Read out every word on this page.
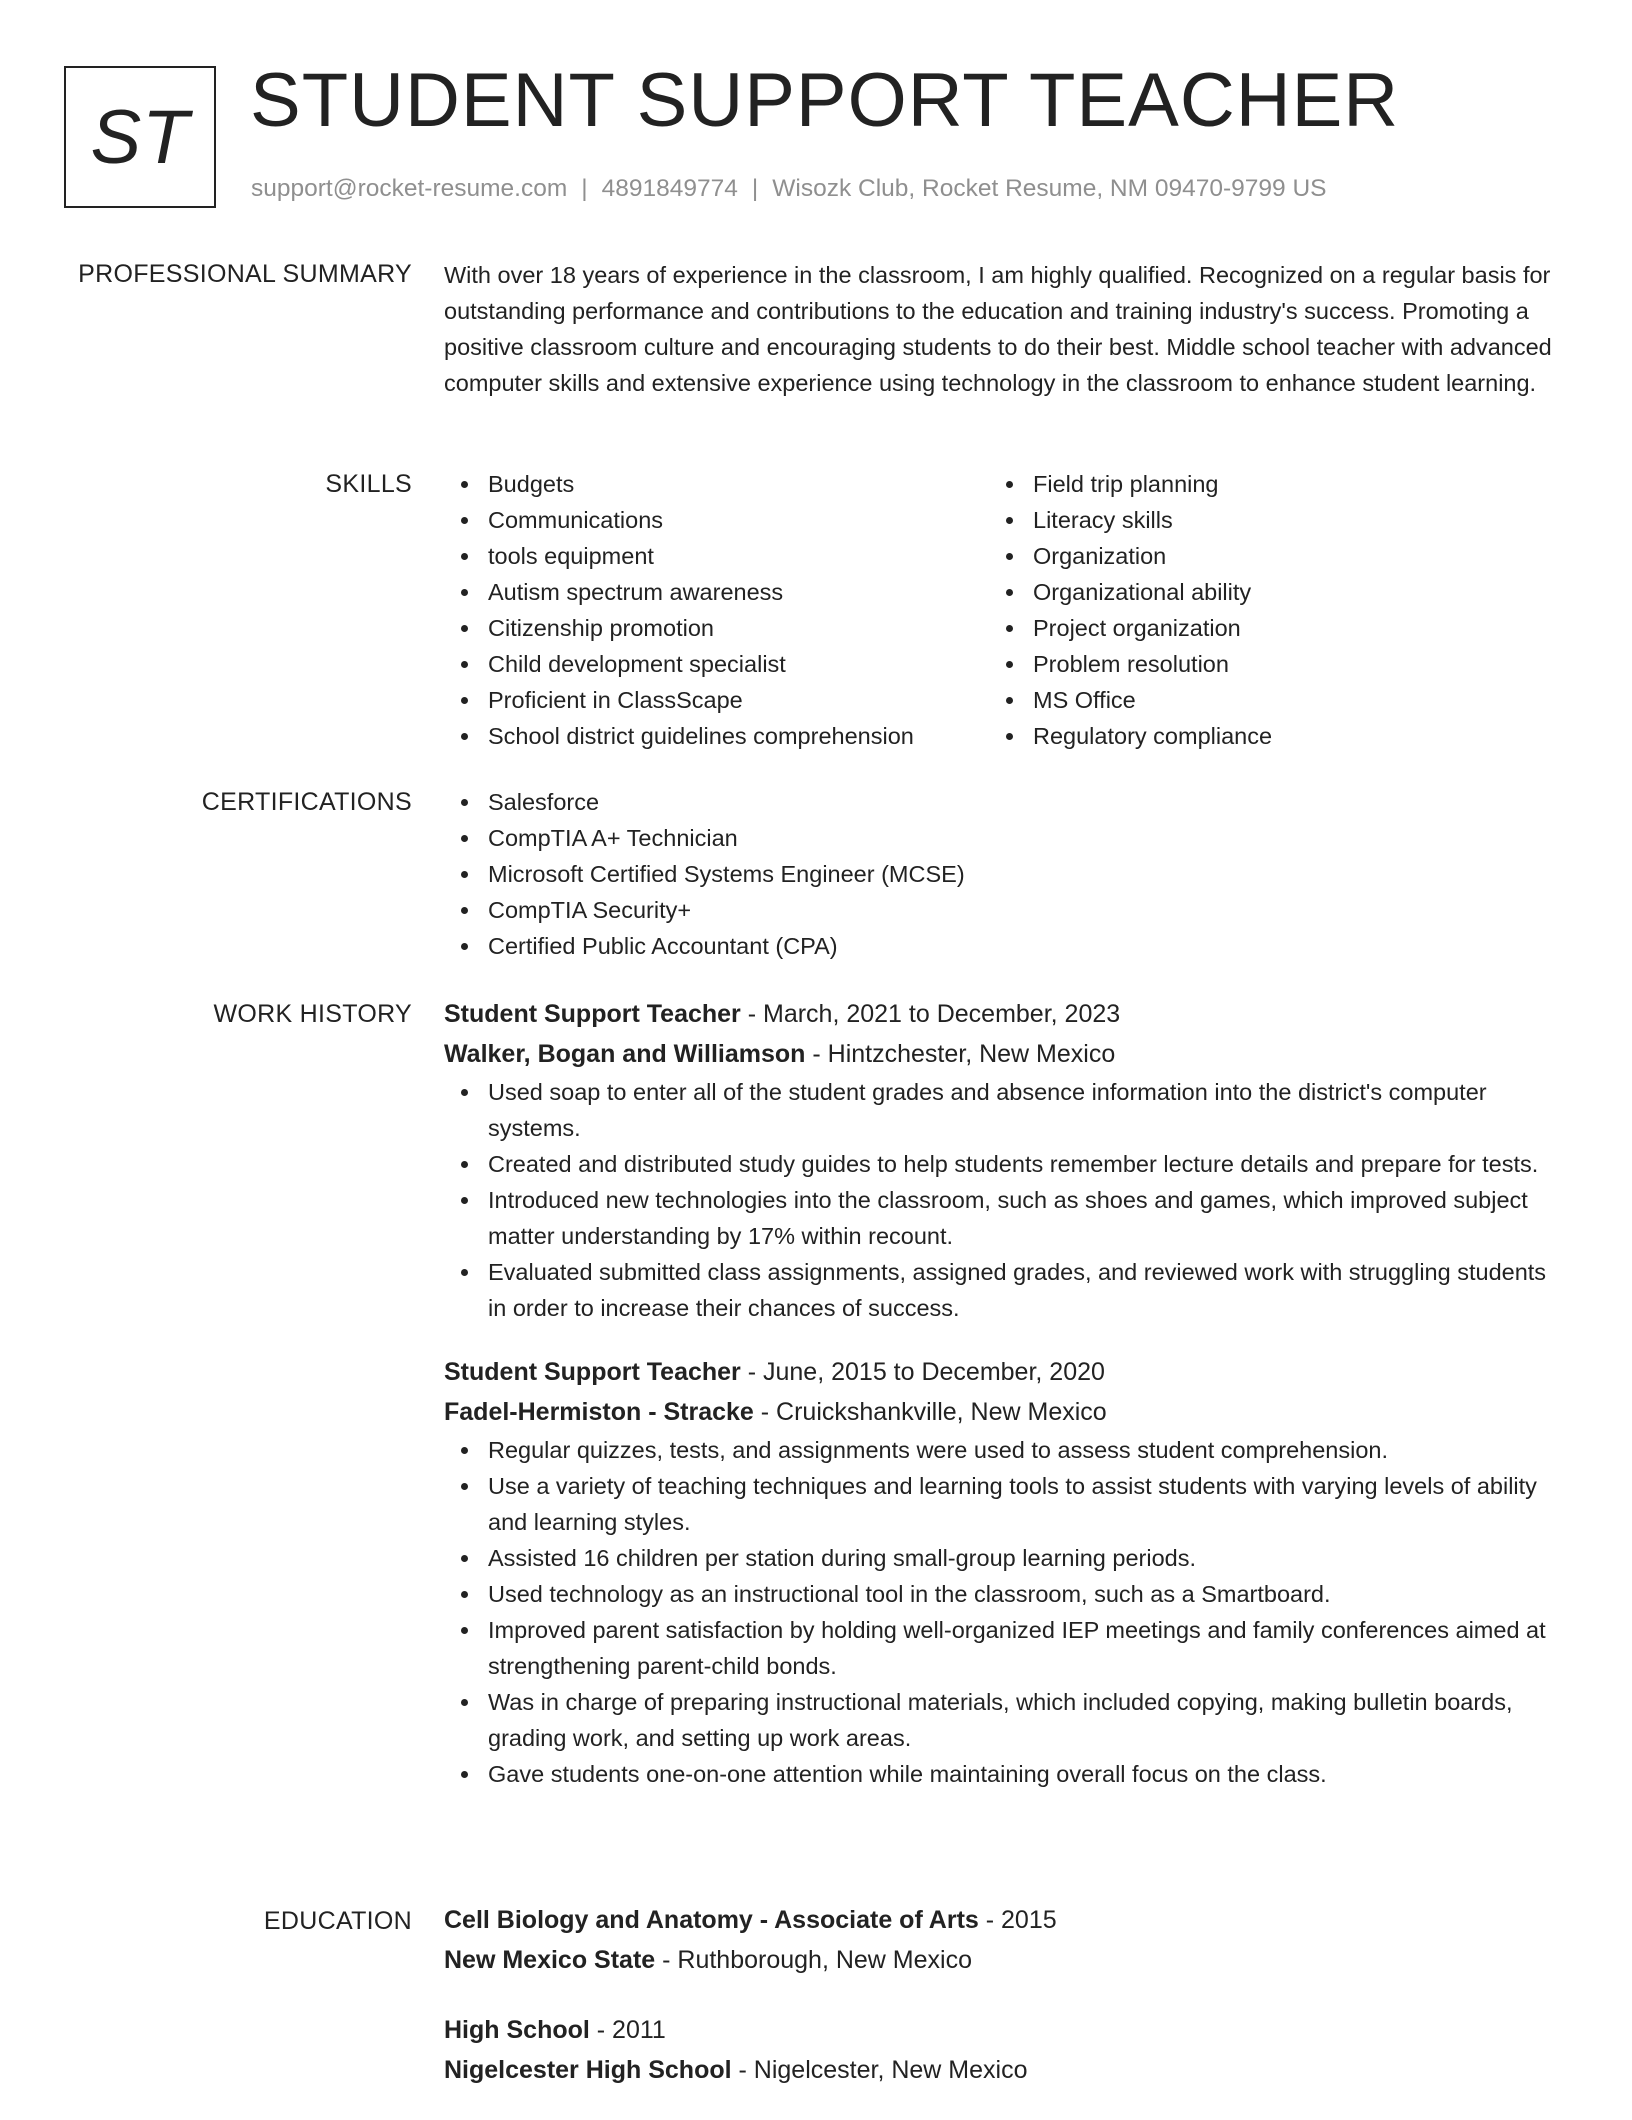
ST STUDENT SUPPORT TEACHER
support@rocket-resume.com | 4891849774 | Wisozk Club, Rocket Resume, NM 09470-9799 US
PROFESSIONAL SUMMARY With over 18 years of experience in the classroom, I am highly qualified. Recognized on a regular basis for outstanding performance and contributions to the education and training industry's success. Promoting a positive classroom culture and encouraging students to do their best. Middle school teacher with advanced computer skills and extensive experience using technology in the classroom to enhance student learning.

SKILLS	Budgets
Communications
tools equipment
Autism spectrum awareness
Citizenship promotion
Child development specialist
Proficient in ClassScape
School district guidelines comprehension
Field trip planning
Literacy skills
Organization
Organizational ability
Project organization
Problem resolution
MS Office
Regulatory compliance
CERTIFICATIONS	Salesforce
CompTIA A+ Technician
Microsoft Certified Systems Engineer (MCSE)
CompTIA Security+
Certified Public Accountant (CPA)
WORK HISTORY Student Support Teacher - March, 2021 to December, 2023
Walker, Bogan and Williamson - Hintzchester, New Mexico
Used soap to enter all of the student grades and absence information into the district's computer systems.
Created and distributed study guides to help students remember lecture details and prepare for tests.
Introduced new technologies into the classroom, such as shoes and games, which improved subject matter understanding by 17% within recount.
Evaluated submitted class assignments, assigned grades, and reviewed work with struggling students in order to increase their chances of success.
Student Support Teacher - June, 2015 to December, 2020
Fadel-Hermiston - Stracke - Cruickshankville, New Mexico
Regular quizzes, tests, and assignments were used to assess student comprehension.
Use a variety of teaching techniques and learning tools to assist students with varying levels of ability and learning styles.
Assisted 16 children per station during small-group learning periods.
Used technology as an instructional tool in the classroom, such as a Smartboard.
Improved parent satisfaction by holding well-organized IEP meetings and family conferences aimed at strengthening parent-child bonds.
Was in charge of preparing instructional materials, which included copying, making bulletin boards, grading work, and setting up work areas.
Gave students one-on-one attention while maintaining overall focus on the class.
EDUCATION Cell Biology and Anatomy - Associate of Arts - 2015
New Mexico State - Ruthborough, New Mexico
High School - 2011
Nigelcester High School - Nigelcester, New Mexico
